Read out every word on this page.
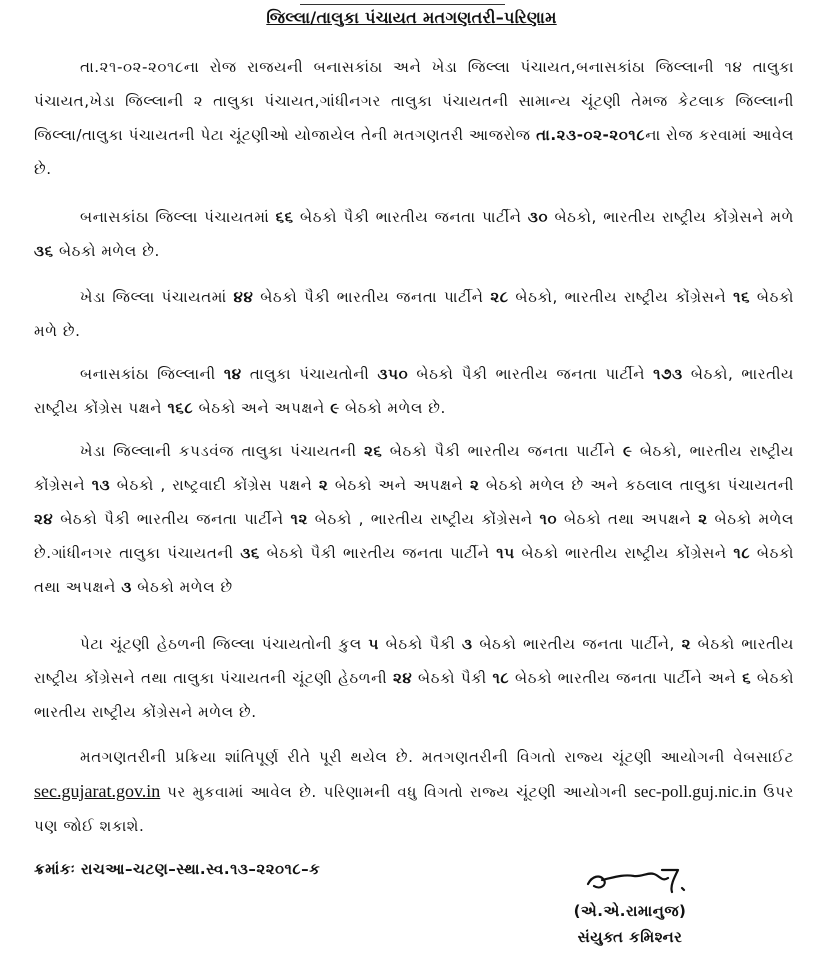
જિલ્લા/તાલુકા પંચાયત મતગણતરી–પરિણામ
તા.૨૧-૦૨-૨૦૧૮ના રોજ રાજયની બનાસકાંઠા અને ખેડા જિલ્લા પંચાયત,બનાસકાંઠા જિલ્લાની ૧૪ તાલુકા પંચાયત,ખેડા જિલ્લાની ૨ તાલુકા પંચાયત,ગાંધીનગર તાલુકા પંચાયતની સામાન્ય ચૂંટણી તેમજ કેટલાક જિલ્લાની જિલ્લા/તાલુકા પંચાયતની પેટા ચૂંટણીઓ યોજાયેલ તેની મતગણતરી આજરોજ તા.૨૩-૦૨-૨૦૧૮ના રોજ કરવામાં આવેલ છે.
બનાસકાંઠા જિલ્લા પંચાયતમાં ૬૬ બેઠકો પૈકી ભારતીય જનતા પાર્ટીને ૩૦ બેઠકો, ભારતીય રાષ્ટ્રીય કોંગ્રેસને મળે ૩૬ બેઠકો મળેલ છે.
ખેડા જિલ્લા પંચાયતમાં ૪૪ બેઠકો પૈકી ભારતીય જનતા પાર્ટીને ૨૮ બેઠકો, ભારતીય રાષ્ટ્રીય કોંગ્રેસને ૧૬ બેઠકો મળે છે.
બનાસકાંઠા જિલ્લાની ૧૪ તાલુકા પંચાયતોની ૩૫૦ બેઠકો પૈકી ભારતીય જનતા પાર્ટીને ૧૭૩ બેઠકો, ભારતીય રાષ્ટ્રીય કોંગ્રેસ પક્ષને ૧૬૮ બેઠકો અને અપક્ષને ૯ બેઠકો મળેલ છે.
ખેડા જિલ્લાની કપડવંજ તાલુકા પંચાયતની ૨૬ બેઠકો પૈકી ભારતીય જનતા પાર્ટીને ૯ બેઠકો, ભારતીય રાષ્ટ્રીય કોંગ્રેસને ૧૩ બેઠકો , રાષ્ટ્રવાદી કોંગ્રેસ પક્ષને ૨ બેઠકો અને અપક્ષને ૨ બેઠકો મળેલ છે અને કઠલાલ તાલુકા પંચાયતની ૨૪ બેઠકો પૈકી ભારતીય જનતા પાર્ટીને ૧૨ બેઠકો , ભારતીય રાષ્ટ્રીય કોંગ્રેસને ૧૦ બેઠકો તથા અપક્ષને ૨ બેઠકો મળેલ છે.ગાંધીનગર તાલુકા પંચાયતની ૩૬ બેઠકો પૈકી ભારતીય જનતા પાર્ટીને ૧૫ બેઠકો ભારતીય રાષ્ટ્રીય કોંગ્રેસને ૧૮ બેઠકો તથા અપક્ષને ૩ બેઠકો મળેલ છે
પેટા ચૂંટણી હેઠળની જિલ્લા પંચાયતોની કુલ ૫ બેઠકો પૈકી ૩ બેઠકો ભારતીય જનતા પાર્ટીને, ૨ બેઠકો ભારતીય રાષ્ટ્રીય કોંગ્રેસને તથા તાલુકા પંચાયતની ચૂંટણી હેઠળની ૨૪ બેઠકો પૈકી ૧૮ બેઠકો ભારતીય જનતા પાર્ટીને અને ૬ બેઠકો ભારતીય રાષ્ટ્રીય કોંગ્રેસને મળેલ છે.
મતગણતરીની પ્રક્રિયા શાંતિપૂર્ણ રીતે પૂરી થયેલ છે. મતગણતરીની વિગતો રાજ્ય ચૂંટણી આયોગની વેબસાઈટ sec.gujarat.gov.in પર મુકવામાં આવેલ છે. પરિણામની વધુ વિગતો રાજ્ય ચૂંટણી આયોગની sec-poll.guj.nic.in ઉપર પણ જોઈ શકાશે.
ક્રમાંકઃ રાચઆ–ચટણ–સ્થા.સ્વ.૧૩–૨૨૦૧૮–ક
(એ.એ.રામાનુજ)
સંયુક્ત કમિશ્નર
